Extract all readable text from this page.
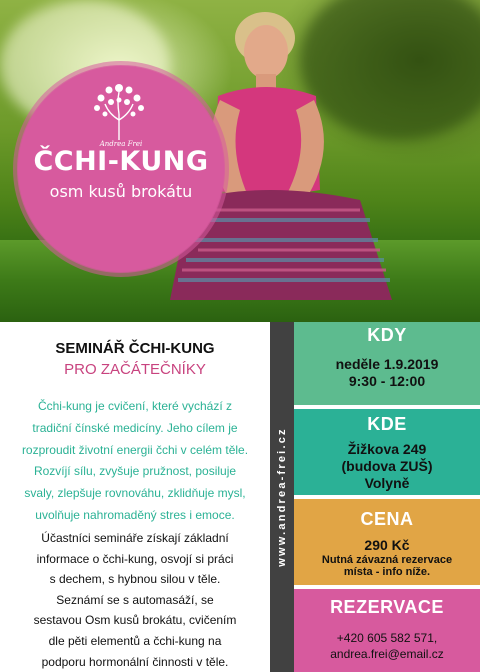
Andrea Frei
ČCHI-KUNG
osm kusů brokátu
SEMINÁŘ ČCHI-KUNG
PRO ZAČÁTEČNÍKY
Čchi-kung je cvičení, které vychází z
tradiční čínské medicíny. Jeho cílem je
rozproudit životní energii čchi v celém těle.
Rozvíjí sílu, zvyšuje pružnost, posiluje
svaly, zlepšuje rovnováhu, zklidňuje mysl,
uvolňuje nahromaděný stres i emoce.
Účastníci semináře získají základní
informace o čchi-kung, osvojí si práci
s dechem, s hybnou silou v těle.
Seznámí se s automasáží, se
sestavou Osm kusů brokátu, cvičením
dle pěti elementů a čchi-kung na
podporu hormonální činnosti v těle.
www.andrea-frei.cz
KDY
neděle 1.9.2019
9:30 - 12:00
KDE
Žižkova 249
(budova ZUŠ)
Volyně
CENA
290 Kč
Nutná závazná rezervace
místa - info níže.
REZERVACE
+420 605 582 571,
andrea.frei@email.cz
